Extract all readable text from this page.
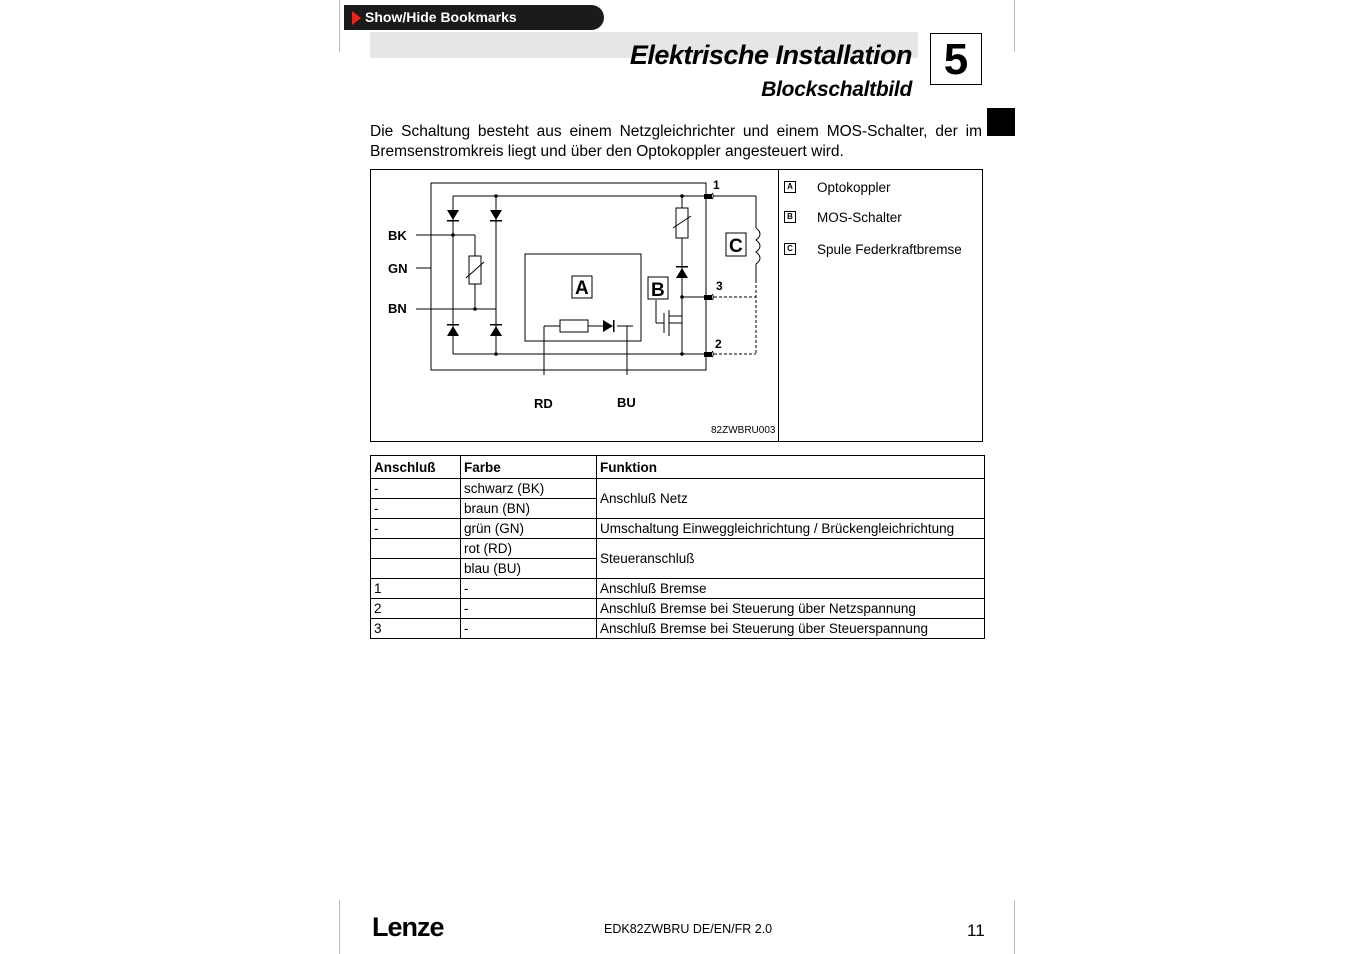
Show/Hide Bookmarks
Elektrische Installation
Blockschaltbild
5
Die Schaltung besteht aus einem Netzgleichrichter und einem MOS-Schalter, der im Bremsenstromkreis liegt und über den Optokoppler angesteuert wird.
BK
GN
BN
RD	BU
1
3
2
A	B
C
82ZWBRU003
A Optokoppler
B MOS-Schalter
C Spule Federkraftbremse
Anschluß	Farbe	Funktion
-	schwarz (BK)	Anschluß Netz
-	braun (BN)	
-	grün (GN)	Umschaltung Einweggleichrichtung / Brückengleichrichtung
	rot (RD)	Steueranschluß
	blau (BU)	
1	-	Anschluß Bremse
2	-	Anschluß Bremse bei Steuerung über Netzspannung
3	-	Anschluß Bremse bei Steuerung über Steuerspannung
Lenze	EDK82ZWBRU DE/EN/FR 2.0	11
